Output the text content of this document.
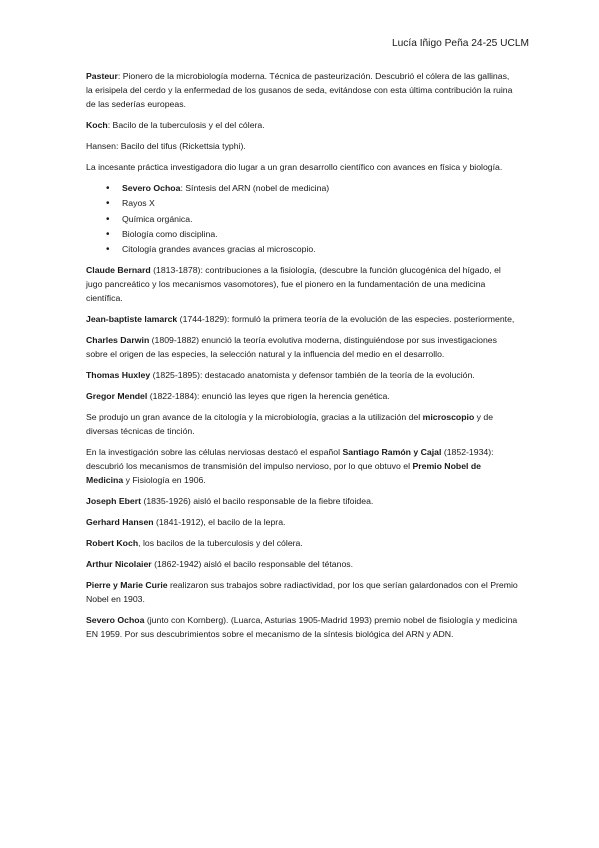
Lucía Iñigo Peña 24-25 UCLM

Pasteur: Pionero de la microbiología moderna. Técnica de pasteurización. Descubrió el cólera de las gallinas, la erisipela del cerdo y la enfermedad de los gusanos de seda, evitándose con esta última contribución la ruina de las sederías europeas.

Koch: Bacilo de la tuberculosis y el del cólera.

Hansen: Bacilo del tifus (Rickettsia typhi).

La incesante práctica investigadora dio lugar a un gran desarrollo científico con avances en física y biología.

• Severo Ochoa: Síntesis del ARN (nobel de medicina)
• Rayos X
• Química orgánica.
• Biología como disciplina.
• Citología grandes avances gracias al microscopio.

Claude Bernard (1813-1878): contribuciones a la fisiología, (descubre la función glucogénica del hígado, el jugo pancreático y los mecanismos vasomotores), fue el pionero en la fundamentación de una medicina científica.

Jean-baptiste lamarck (1744-1829): formuló la primera teoría de la evolución de las especies. posteriormente,

Charles Darwin (1809-1882) enunció la teoría evolutiva moderna, distinguiéndose por sus investigaciones sobre el origen de las especies, la selección natural y la influencia del medio en el desarrollo.

Thomas Huxley (1825-1895): destacado anatomista y defensor también de la teoría de la evolución.

Gregor Mendel (1822-1884): enunció las leyes que rigen la herencia genética.

Se produjo un gran avance de la citología y la microbiología, gracias a la utilización del microscopio y de diversas técnicas de tinción.

En la investigación sobre las células nerviosas destacó el español Santiago Ramón y Cajal (1852-1934): descubrió los mecanismos de transmisión del impulso nervioso, por lo que obtuvo el Premio Nobel de Medicina y Fisiología en 1906.

Joseph Ebert (1835-1926) aisló el bacilo responsable de la fiebre tifoidea.

Gerhard Hansen (1841-1912), el bacilo de la lepra.

Robert Koch, los bacilos de la tuberculosis y del cólera.

Arthur Nicolaier (1862-1942) aisló el bacilo responsable del tétanos.

Pierre y Marie Curie realizaron sus trabajos sobre radiactividad, por los que serían galardonados con el Premio Nobel en 1903.

Severo Ochoa (junto con Kornberg). (Luarca, Asturias 1905-Madrid 1993) premio nobel de fisiología y medicina EN 1959. Por sus descubrimientos sobre el mecanismo de la síntesis biológica del ARN y ADN.
